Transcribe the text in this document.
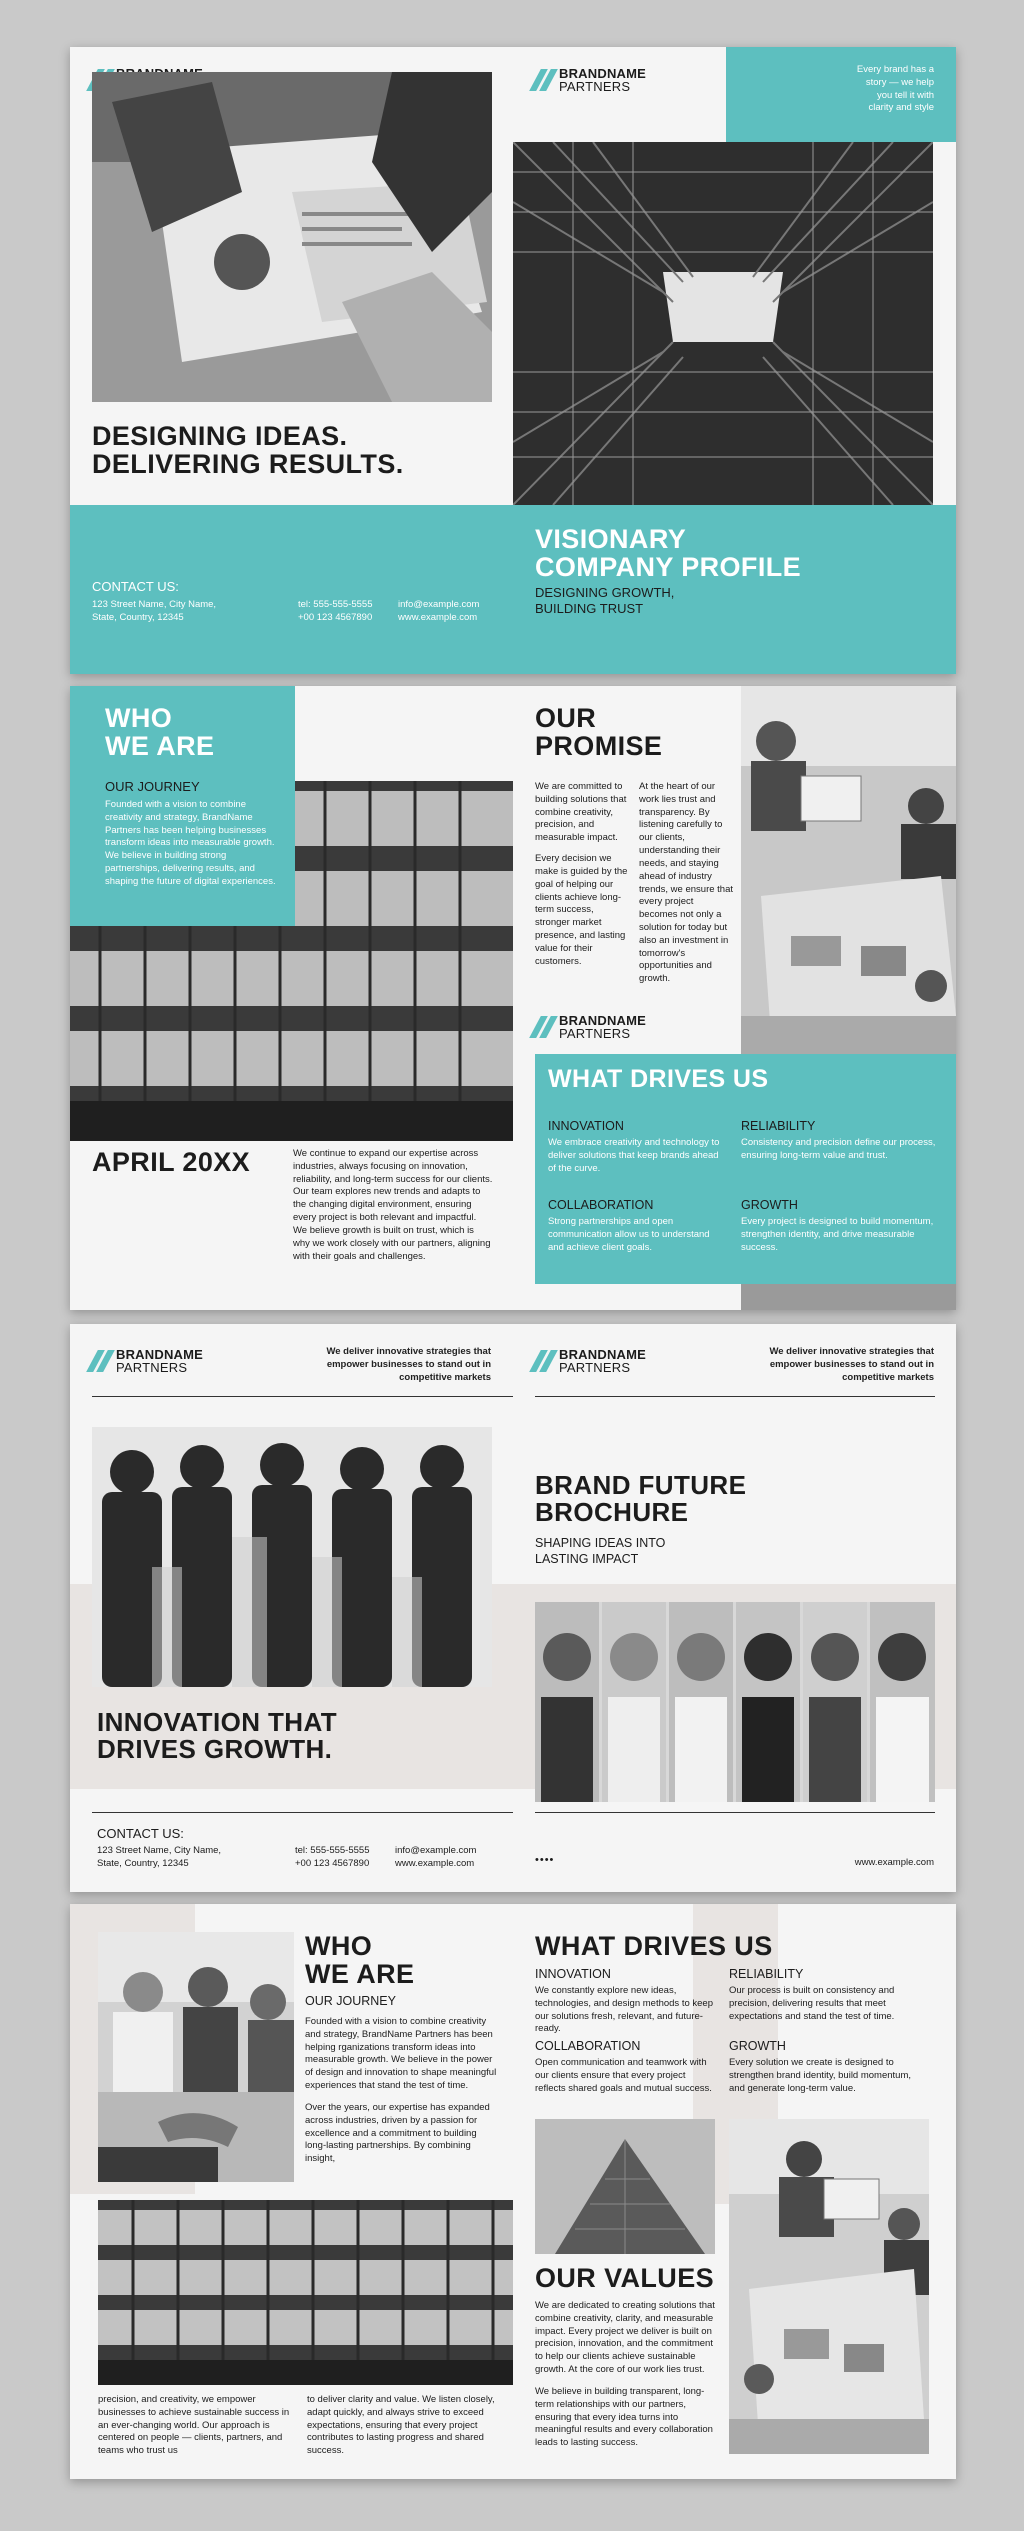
DESIGNING IDEAS.
DELIVERING RESULTS.
CONTACT US:
123 Street Name, City Name,
State, Country, 12345
tel: 555-555-5555
+00 123 4567890
info@example.com
www.example.com
BRANDNAME
PARTNERS
Every brand has a
story — we help
you tell it with
clarity and style
VISIONARY
COMPANY PROFILE
DESIGNING GROWTH,
BUILDING TRUST
WHO
WE ARE
OUR JOURNEY
Founded with a vision to combine creativity and strategy, BrandName Partners has been helping businesses transform ideas into measurable growth.
We believe in building strong partnerships, delivering results, and shaping the future of digital experiences.
APRIL 20XX	We continue to expand our expertise across industries, always focusing on innovation, reliability, and long-term success for our clients.
Our team explores new trends and adapts to the changing digital environment, ensuring every project is both relevant and impactful.
We believe growth is built on trust, which is why we work closely with our partners, aligning with their goals and challenges.
OUR
PROMISE
We are committed to building solutions that combine creativity, precision, and measurable impact.
Every decision we make is guided by the goal of helping our clients achieve long-term success, stronger market presence, and lasting value for their customers.
At the heart of our work lies trust and transparency. By listening carefully to our clients, understanding their needs, and staying ahead of industry trends, we ensure that every project becomes not only a solution for today but also an investment in tomorrow's opportunities and growth.
BRANDNAME
PARTNERS
WHAT DRIVES US
INNOVATION
We embrace creativity and technology to deliver solutions that keep brands ahead of the curve.
RELIABILITY
Consistency and precision define our process, ensuring long-term value and trust.
COLLABORATION
Strong partnerships and open communication allow us to understand and achieve client goals.
GROWTH
Every project is designed to build momentum, strengthen identity, and drive measurable success.
BRANDNAME
PARTNERS
We deliver innovative strategies that
empower businesses to stand out in
competitive markets
INNOVATION THAT
DRIVES GROWTH.
CONTACT US:
123 Street Name, City Name,
State, Country, 12345
tel: 555-555-5555
+00 123 4567890
info@example.com
www.example.com
BRANDNAME
PARTNERS
We deliver innovative strategies that
empower businesses to stand out in
competitive markets
BRAND FUTURE
BROCHURE
SHAPING IDEAS INTO
LASTING IMPACT
••••	www.example.com
WHO
WE ARE
OUR JOURNEY
Founded with a vision to combine creativity and strategy, BrandName Partners has been helping rganizations transform ideas into measurable growth. We believe in the power of design and innovation to shape meaningful experiences that stand the test of time.
Over the years, our expertise has expanded across industries, driven by a passion for excellence and a commitment to building long-lasting partnerships. By combining insight,
precision, and creativity, we empower businesses to achieve sustainable success in an ever-changing world. Our approach is centered on people — clients, partners, and teams who trust us
to deliver clarity and value. We listen closely, adapt quickly, and always strive to exceed expectations, ensuring that every project contributes to lasting progress and shared success.
WHAT DRIVES US
INNOVATION
We constantly explore new ideas, technologies, and design methods to keep our solutions fresh, relevant, and future-ready.
RELIABILITY
Our process is built on consistency and precision, delivering results that meet expectations and stand the test of time.
COLLABORATION
Open communication and teamwork with our clients ensure that every project reflects shared goals and mutual success.
GROWTH
Every solution we create is designed to strengthen brand identity, build momentum, and generate long-term value.
OUR VALUES
We are dedicated to creating solutions that combine creativity, clarity, and measurable impact. Every project we deliver is built on precision, innovation, and the commitment to help our clients achieve sustainable growth. At the core of our work lies trust.
We believe in building transparent, long-term relationships with our partners, ensuring that every idea turns into meaningful results and every collaboration leads to lasting success.
